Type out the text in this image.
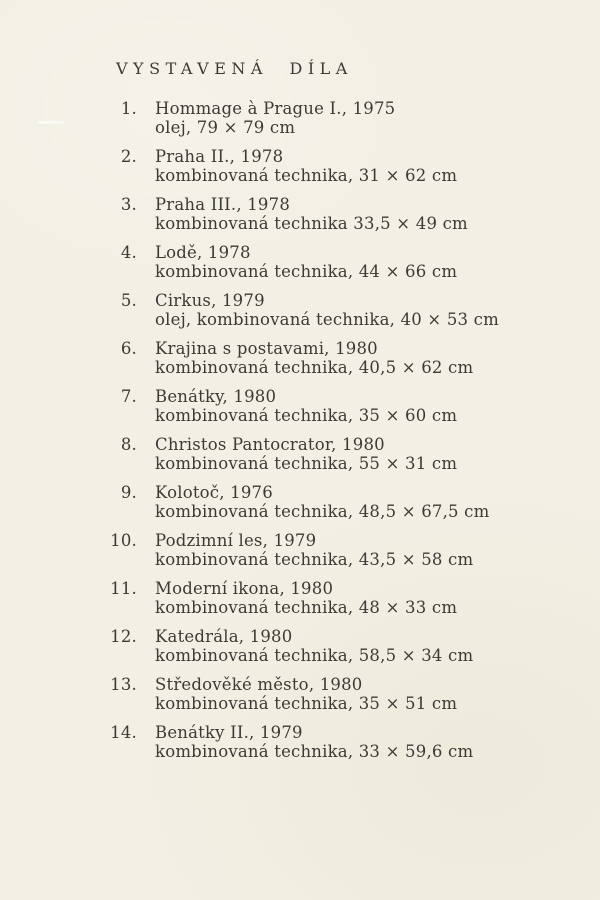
VYSTAVENÁ DÍLA
1. Hommage à Prague I., 1975
olej, 79 × 79 cm
2. Praha II., 1978
kombinovaná technika, 31 × 62 cm
3. Praha III., 1978
kombinovaná technika 33,5 × 49 cm
4. Lodě, 1978
kombinovaná technika, 44 × 66 cm
5. Cirkus, 1979
olej, kombinovaná technika, 40 × 53 cm
6. Krajina s postavami, 1980
kombinovaná technika, 40,5 × 62 cm
7. Benátky, 1980
kombinovaná technika, 35 × 60 cm
8. Christos Pantocrator, 1980
kombinovaná technika, 55 × 31 cm
9. Kolotoč, 1976
kombinovaná technika, 48,5 × 67,5 cm
10. Podzimní les, 1979
kombinovaná technika, 43,5 × 58 cm
11. Moderní ikona, 1980
kombinovaná technika, 48 × 33 cm
12. Katedrála, 1980
kombinovaná technika, 58,5 × 34 cm
13. Středověké město, 1980
kombinovaná technika, 35 × 51 cm
14. Benátky II., 1979
kombinovaná technika, 33 × 59,6 cm
